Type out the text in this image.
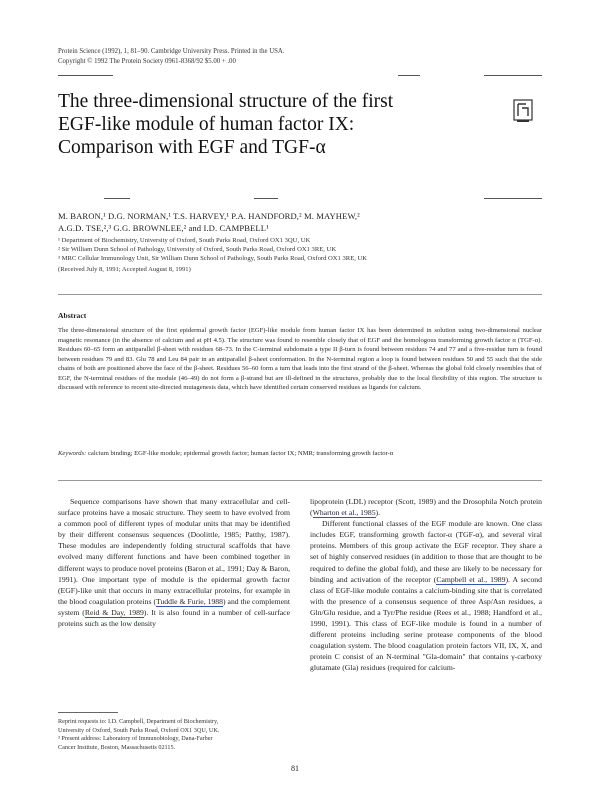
Protein Science (1992), 1, 81–90. Cambridge University Press. Printed in the USA.
Copyright © 1992 The Protein Society 0961-8368/92 $5.00 + .00
The three-dimensional structure of the first
EGF-like module of human factor IX:
Comparison with EGF and TGF-α
M. BARON,¹ D.G. NORMAN,¹ T.S. HARVEY,¹ P.A. HANDFORD,² M. MAYHEW,²
A.G.D. TSE,²,³ G.G. BROWNLEE,² and I.D. CAMPBELL¹
¹ Department of Biochemistry, University of Oxford, South Parks Road, Oxford OX1 3QU, UK
² Sir William Dunn School of Pathology, University of Oxford, South Parks Road, Oxford OX1 3RE, UK
³ MRC Cellular Immunology Unit, Sir William Dunn School of Pathology, South Parks Road, Oxford OX1 3RE, UK
(Received July 8, 1991; Accepted August 8, 1991)
Abstract
The three-dimensional structure of the first epidermal growth factor (EGF)-like module from human factor IX has been determined in solution using two-dimensional nuclear magnetic resonance (in the absence of calcium and at pH 4.5). The structure was found to resemble closely that of EGF and the homologous transforming growth factor α (TGF-α). Residues 60–65 form an antiparallel β-sheet with residues 68–73. In the C-terminal subdomain a type II β-turn is found between residues 74 and 77 and a five-residue turn is found between residues 79 and 83. Glu 78 and Leu 84 pair in an antiparallel β-sheet conformation. In the N-terminal region a loop is found between residues 50 and 55 such that the side chains of both are positioned above the face of the β-sheet. Residues 56–60 form a turn that leads into the first strand of the β-sheet. Whereas the global fold closely resembles that of EGF, the N-terminal residues of the module (46–49) do not form a β-strand but are ill-defined in the structures, probably due to the local flexibility of this region. The structure is discussed with reference to recent site-directed mutagenesis data, which have identified certain conserved residues as ligands for calcium.
Keywords: calcium binding; EGF-like module; epidermal growth factor; human factor IX; NMR; transforming growth factor-α

Sequence comparisons have shown that many extracellular and cell-surface proteins have a mosaic structure. They seem to have evolved from a common pool of different types of modular units that may be identified by their different consensus sequences (Doolittle, 1985; Patthy, 1987). These modules are independently folding structural scaffolds that have evolved many different functions and have been combined together in different ways to produce novel proteins (Baron et al., 1991; Day & Baron, 1991). One important type of module is the epidermal growth factor (EGF)-like unit that occurs in many extracellular proteins, for example in the blood coagulation proteins (Tuddle & Furie, 1988) and the complement system (Reid & Day, 1989). It is also found in a number of cell-surface proteins such as the low density

lipoprotein (LDL) receptor (Scott, 1989) and the Drosophila Notch protein (Wharton et al., 1985).

Different functional classes of the EGF module are known. One class includes EGF, transforming growth factor-α (TGF-α), and several viral proteins. Members of this group activate the EGF receptor. They share a set of highly conserved residues (in addition to those that are thought to be required to define the global fold), and these are likely to be necessary for binding and activation of the receptor (Campbell et al., 1989). A second class of EGF-like module contains a calcium-binding site that is correlated with the presence of a consensus sequence of three Asp/Asn residues, a Gln/Glu residue, and a Tyr/Phe residue (Rees et al., 1988; Handford et al., 1990, 1991). This class of EGF-like module is found in a number of different proteins including serine protease components of the blood coagulation system. The blood coagulation protein factors VII, IX, X, and protein C consist of an N-terminal "Gla-domain" that contains γ-carboxy glutamate (Gla) residues (required for calcium-

Reprint requests to: I.D. Campbell, Department of Biochemistry,
University of Oxford, South Parks Road, Oxford OX1 3QU, UK.
³ Present address: Laboratory of Immunobiology, Dana-Farber
Cancer Institute, Boston, Massachusetts 02115.
81
